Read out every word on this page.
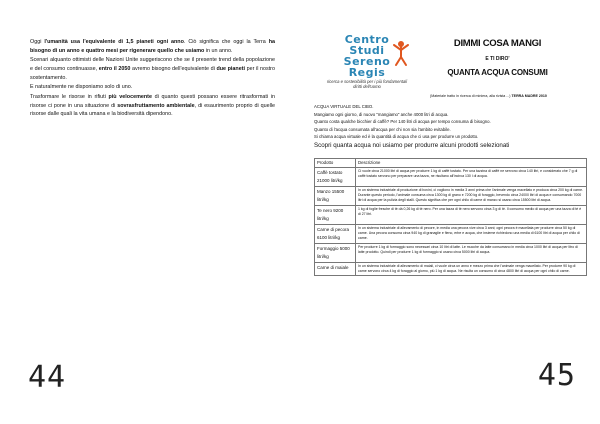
Oggi l'umanità usa l'equivalente di 1,5 pianeti ogni anno. Ciò significa che oggi la Terra ha bisogno di un anno e quattro mesi per rigenerare quello che usiamo in un anno.

Scenari alquanto ottimisti delle Nazioni Unite suggeriscono che se il presente trend della popolazione e del consumo continuasse, entro il 2050 avremo bisogno dell'equivalente di due pianeti per il nostro sostentamento.

E naturalmente ne disponiamo solo di uno.

Trasformare le risorse in rifiuti più velocemente di quanto questi possano essere ritrasformati in risorse ci pone in una situazione di sovrasfruttamento ambientale, di esaurimento proprio di quelle risorse dalle quali la vita umana e la biodiversità dipendono.

44
Centro
Studi
Sereno
Regis
ricerca e sostenibilità per i più fondamentali diritti dell'uomo
DIMMI COSA MANGI
E TI DIRO'
QUANTA ACQUA CONSUMI
(Materiale tratto in ricerca di miniera, alla rivista ...) TERRA MADRE 2010
ACQUA VIRTUALE DEL CIBO.
Mangiamo ogni giorno, di nuovo "mangiamo" anche 4000 litri di acqua.
Quanto costa qualche bicchier di caffè? Per 140 litri di acqua per tempo consuma di bisogno.
Quanto di l'acqua consumata all'acqua per chi non sia l'ambito evitabile.
Si chiama acqua virtuale ed è la quantità di acqua che ci usa per produrre un prodotto.
Scopri quanta acqua noi usiamo per produrre alcuni prodotti selezionati
Prodotto	Descrizione
Caffè tostato 21000 litri/kg	Ci vuole circa 21000 litri di acqua per produrre 1 kg di caffè tostato. Per una tazzina di caffè ne servono circa 140 litri, e considerato che 7 g di caffè tostato servono per preparare una tazza, ne risultano all'incirca 130 l di acqua.
Manzo 15500 litri/kg	In un sistema industriale di produzione di bovini, ci vogliono in media 3 anni prima che l'animale venga macellato e produca circa 200 kg di carne. Durante questo periodo, l'animale consuma circa 1300 kg di grano e 7200 kg di foraggio, bevendo circa 24000 litri di acqua e consumando 7000 litri di acqua per la pulizia degli stalli. Questo significa che per ogni chilo di carne di manzo si usano circa 15500 litri di acqua.
Te nero 9200 litri/kg	1 kg di foglie fresche di tè dà 0,26 kg di tè nero. Per una tazza di tè nero servono circa 3 g di tè. Il consumo medio di acqua per una tazza di tè è di 27 litri.
Carne di pecora 6100 litri/kg	In un sistema industriale di allevamento di pecore, in media una pecora vive circa 3 anni; ogni pecora è macellata per produrre circa 50 kg di carne. Una pecora consuma circa 940 kg di granaglie e fieno, erbe e acqua, che insieme richiedono una media di 6100 litri di acqua per chilo di carne.
Formaggio 5000 litri/kg	Per produrre 1 kg di formaggio sono necessari circa 10 litri di latte. Le mucche da latte consumano in media circa 1000 litri di acqua per litro di latte prodotto. Quindi per produrre 1 kg di formaggio si usano circa 5000 litri di acqua.
Carne di maiale	In un sistema industriale di allevamento di maiali, ci vuole circa un anno e mezzo prima che l'animale venga macellato. Per produrre 90 kg di carne servono circa 4 kg di foraggio al giorno, più 1 kg di acqua. Ne risulta un consumo di circa 4800 litri di acqua per ogni chilo di carne.
45
